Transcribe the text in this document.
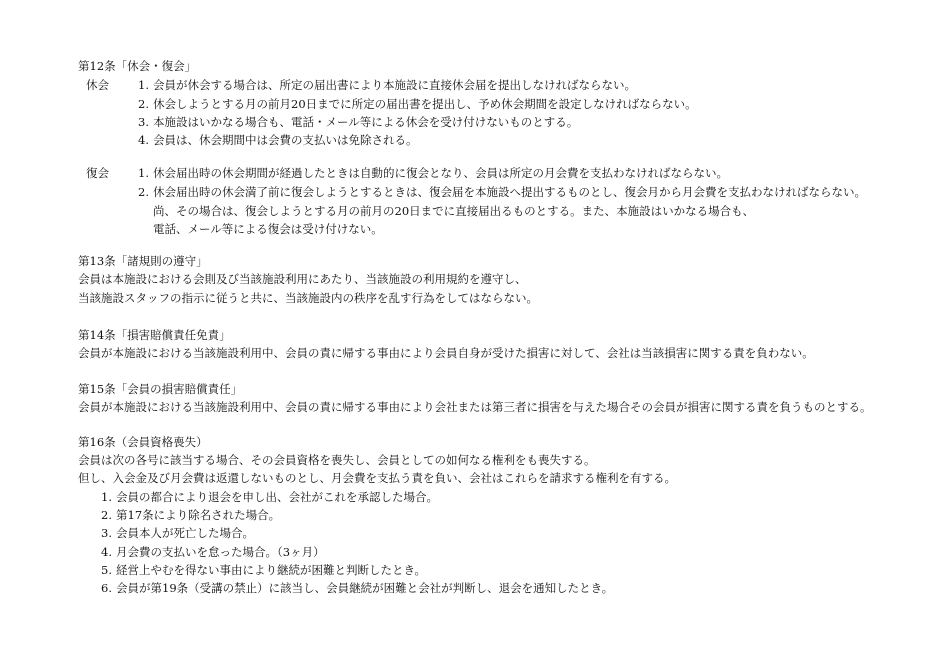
第12条「休会・復会」
休会	1. 会員が休会する場合は、所定の届出書により本施設に直接休会届を提出しなければならない。
2. 休会しようとする月の前月20日までに所定の届出書を提出し、予め休会期間を設定しなければならない。
3. 本施設はいかなる場合も、電話・メール等による休会を受け付けないものとする。
4. 会員は、休会期間中は会費の支払いは免除される。
復会	1. 休会届出時の休会期間が経過したときは自動的に復会となり、会員は所定の月会費を支払わなければならない。
2. 休会届出時の休会満了前に復会しようとするときは、復会届を本施設へ提出するものとし、復会月から月会費を支払わなければならない。
尚、その場合は、復会しようとする月の前月の20日までに直接届出るものとする。また、本施設はいかなる場合も、
電話、メール等による復会は受け付けない。
第13条「諸規則の遵守」
会員は本施設における会則及び当該施設利用にあたり、当該施設の利用規約を遵守し、
当該施設スタッフの指示に従うと共に、当該施設内の秩序を乱す行為をしてはならない。
第14条「損害賠償責任免責」
会員が本施設における当該施設利用中、会員の責に帰する事由により会員自身が受けた損害に対して、会社は当該損害に関する責を負わない。
第15条「会員の損害賠償責任」
会員が本施設における当該施設利用中、会員の責に帰する事由により会社または第三者に損害を与えた場合その会員が損害に関する責を負うものとする。
第16条（会員資格喪失）
会員は次の各号に該当する場合、その会員資格を喪失し、会員としての如何なる権利をも喪失する。
但し、入会金及び月会費は返還しないものとし、月会費を支払う責を負い、会社はこれらを請求する権利を有する。
1. 会員の都合により退会を申し出、会社がこれを承認した場合。
2. 第17条により除名された場合。
3. 会員本人が死亡した場合。
4. 月会費の支払いを怠った場合。（3ヶ月）
5. 経営上やむを得ない事由により継続が困難と判断したとき。
6. 会員が第19条（受講の禁止）に該当し、会員継続が困難と会社が判断し、退会を通知したとき。
